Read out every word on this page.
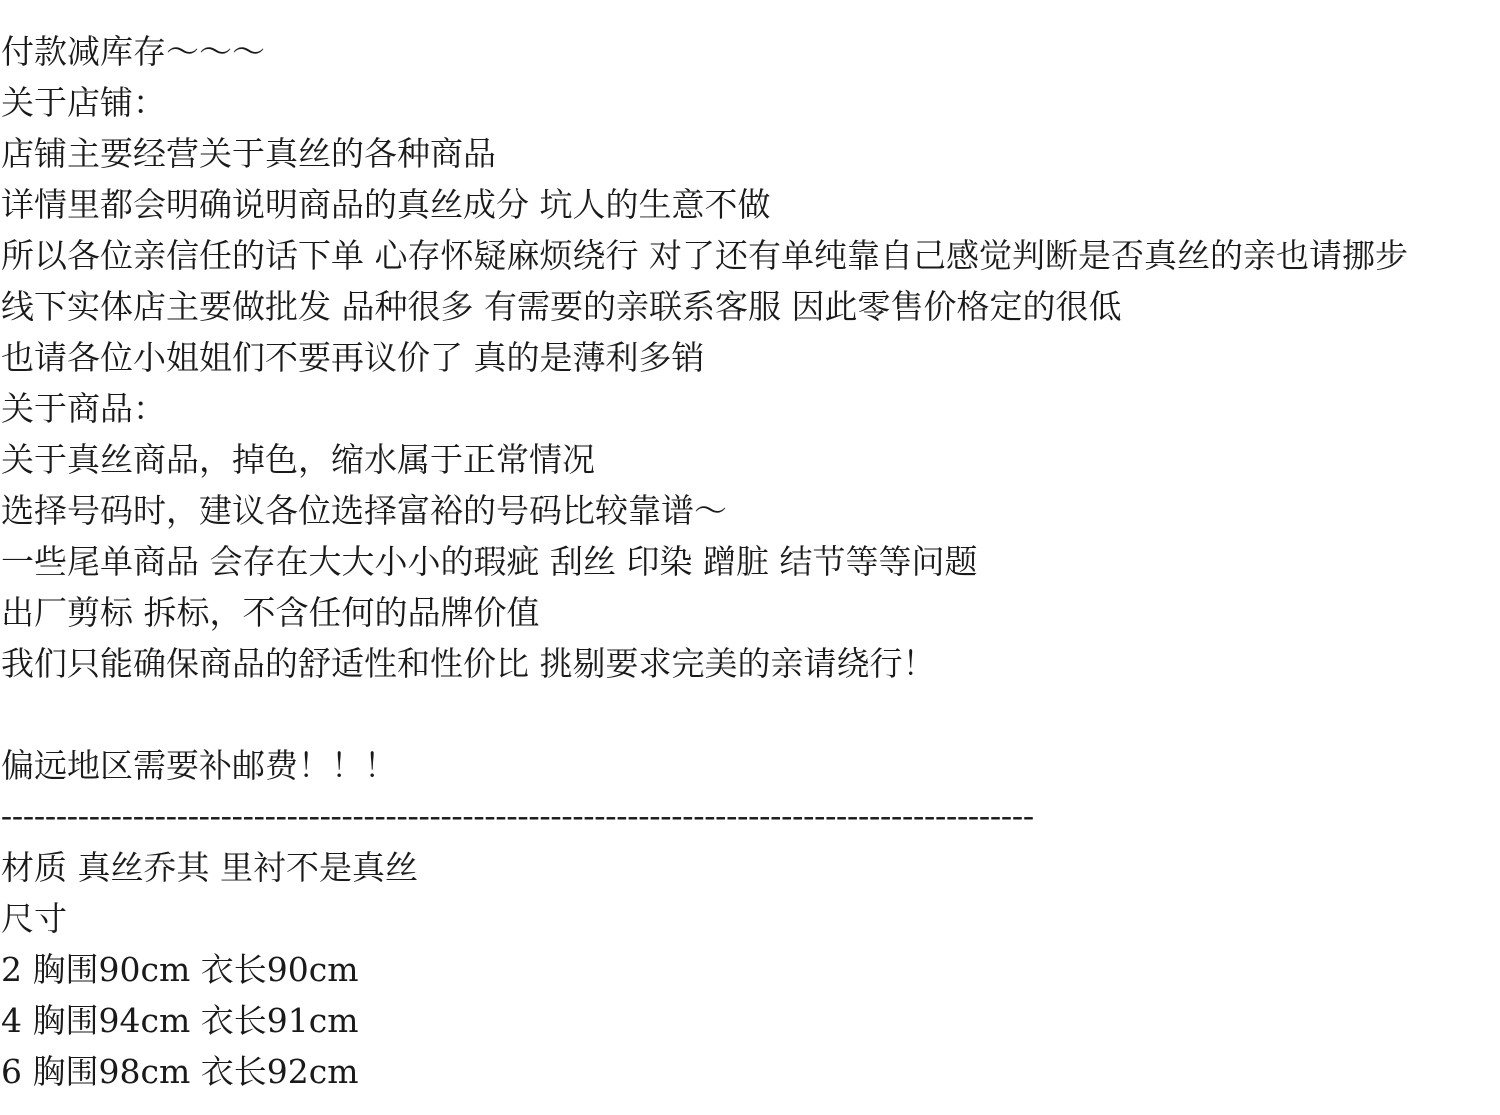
付款减库存～～～
关于店铺：
店铺主要经营关于真丝的各种商品
详情里都会明确说明商品的真丝成分 坑人的生意不做
所以各位亲信任的话下单 心存怀疑麻烦绕行 对了还有单纯靠自己感觉判断是否真丝的亲也请挪步
线下实体店主要做批发 品种很多 有需要的亲联系客服 因此零售价格定的很低
也请各位小姐姐们不要再议价了 真的是薄利多销
关于商品：
关于真丝商品，掉色，缩水属于正常情况
选择号码时，建议各位选择富裕的号码比较靠谱～
一些尾单商品 会存在大大小小的瑕疵 刮丝 印染 蹭脏 结节等等问题
出厂剪标 拆标，不含任何的品牌价值
我们只能确保商品的舒适性和性价比 挑剔要求完美的亲请绕行！
偏远地区需要补邮费！！！
----------------------------------------------------------------------------------------------
材质 真丝乔其 里衬不是真丝
尺寸
2 胸围90cm 衣长90cm
4 胸围94cm 衣长91cm
6 胸围98cm 衣长92cm
